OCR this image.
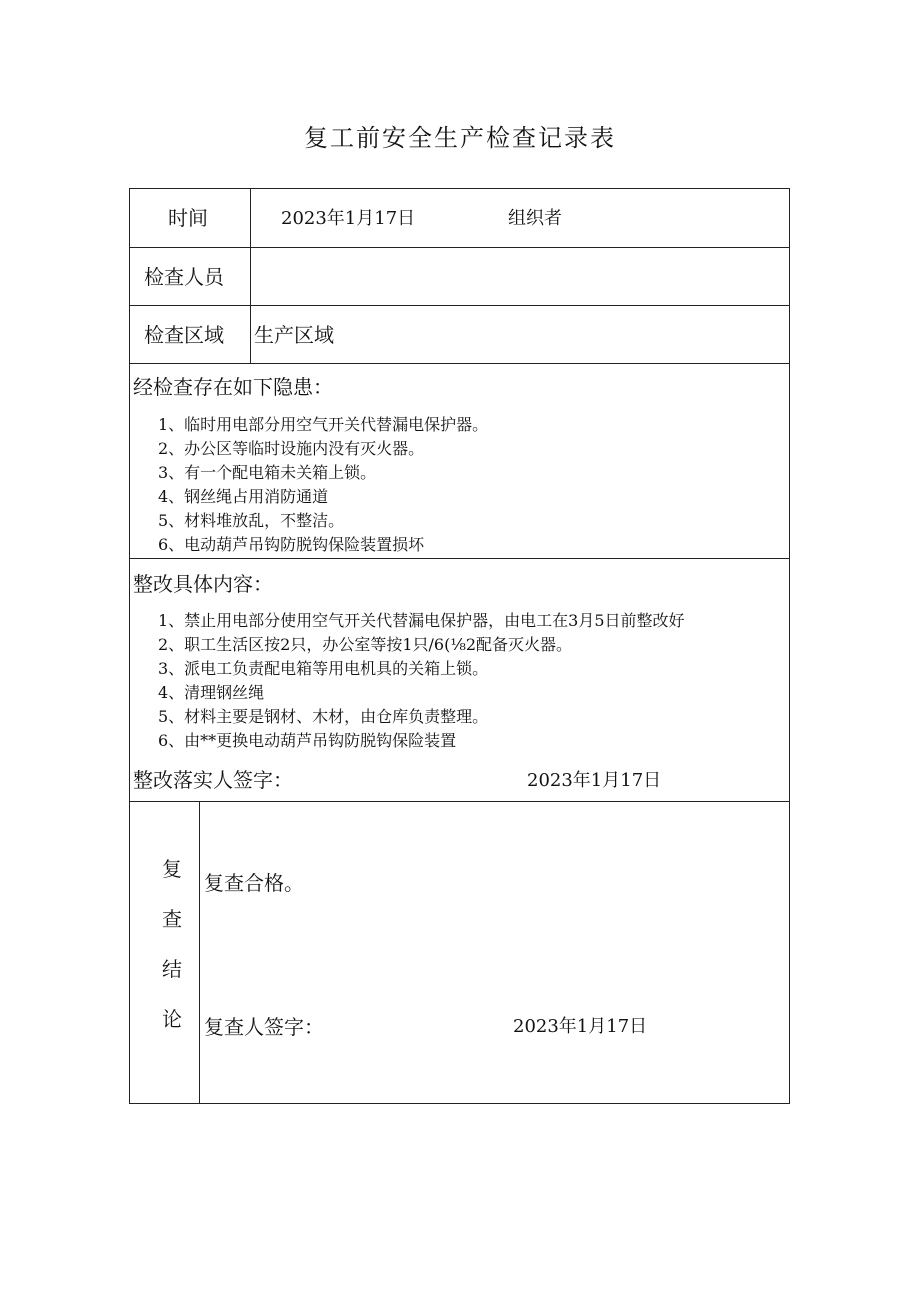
复工前安全生产检查记录表
时间	2023年1月17日	组织者
检查人员
检查区域 生产区域
经检查存在如下隐患：
1、临时用电部分用空气开关代替漏电保护器。
2、办公区等临时设施内没有灭火器。
3、有一个配电箱未关箱上锁。
4、钢丝绳占用消防通道
5、材料堆放乱，不整洁。
6、电动葫芦吊钩防脱钩保险装置损坏
整改具体内容：
1、禁止用电部分使用空气开关代替漏电保护器，由电工在3月5日前整改好
2、职工生活区按2只，办公室等按1只∕6(⅛2配备灭火器。
3、派电工负责配电箱等用电机具的关箱上锁。
4、清理钢丝绳
5、材料主要是钢材、木材，由仓库负责整理。
6、由**更换电动葫芦吊钩防脱钩保险装置
整改落实人签字：	2023年1月17日
复
查
结
论
复查合格。
复查人签字：	2023年1月17日
